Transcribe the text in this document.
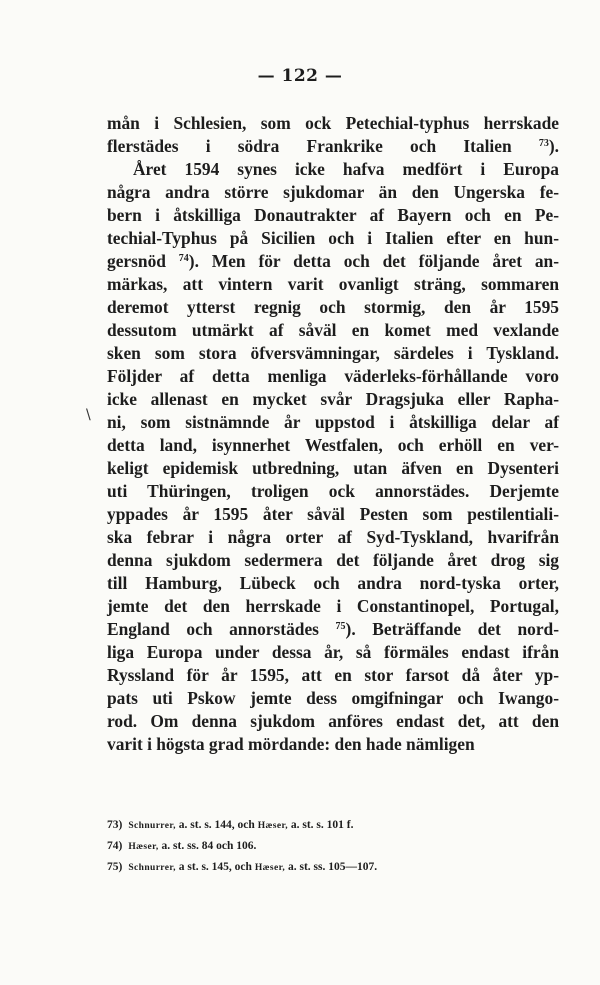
— 122 —
\
mån i Schlesien, som ock Petechial-typhus herrskade
flerstädes i södra Frankrike och Italien $^{73}$).
Året 1594 synes icke hafva medfört i Europa
några andra större sjukdomar än den Ungerska fe-
bern i åtskilliga Donautrakter af Bayern och en Pe-
techial-Typhus på Sicilien och i Italien efter en hun-
gersnöd $^{74}$). Men för detta och det följande året an-
märkas, att vintern varit ovanligt sträng, sommaren
deremot ytterst regnig och stormig, den år 1595
dessutom utmärkt af såväl en komet med vexlande
sken som stora öfversvämningar, särdeles i Tyskland.
Följder af detta menliga väderleks-förhållande voro
icke allenast en mycket svår Dragsjuka eller Rapha-
ni, som sistnämnde år uppstod i åtskilliga delar af
detta land, isynnerhet Westfalen, och erhöll en ver-
keligt epidemisk utbredning, utan äfven en Dysenteri
uti Thüringen, troligen ock annorstädes. Derjemte
yppades år 1595 åter såväl Pesten som pestilentiali-
ska febrar i några orter af Syd-Tyskland, hvarifrån
denna sjukdom sedermera det följande året drog sig
till Hamburg, Lübeck och andra nord-tyska orter,
jemte det den herrskade i Constantinopel, Portugal,
England och annorstädes $^{75}$). Beträffande det nord-
liga Europa under dessa år, så förmäles endast ifrån
Ryssland för år 1595, att en stor farsot då åter yp-
pats uti Pskow jemte dess omgifningar och Iwango-
rod. Om denna sjukdom anföres endast det, att den
varit i högsta grad mördande: den hade nämligen
73) Schnurrer, a. st. s. 144, och Hæser, a. st. s. 101 f.
74) Hæser, a. st. ss. 84 och 106.
75) Schnurrer, a st. s. 145, och Hæser, a. st. ss. 105—107.
